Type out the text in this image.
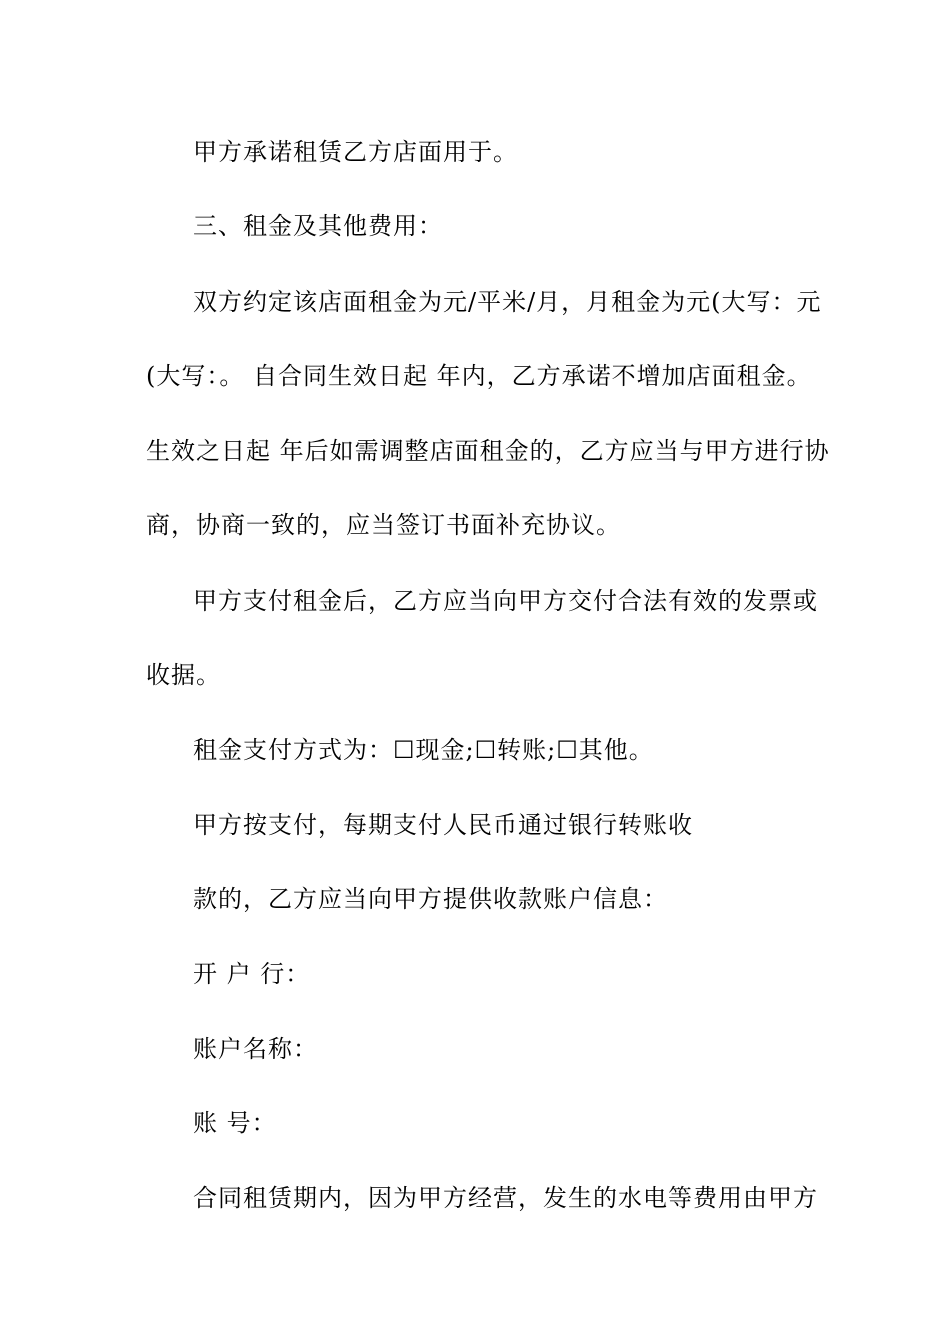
甲方承诺租赁乙方店面用于。
三、租金及其他费用：
双方约定该店面租金为元/平米/月，月租金为元(大写：元
(大写：。 自合同生效日起 年内，乙方承诺不增加店面租金。
生效之日起 年后如需调整店面租金的，乙方应当与甲方进行协
商，协商一致的，应当签订书面补充协议。
甲方支付租金后，乙方应当向甲方交付合法有效的发票或
收据。
租金支付方式为：☐现金;☐转账;☐其他。
甲方按支付，每期支付人民币通过银行转账收
款的，乙方应当向甲方提供收款账户信息：
开 户 行：
账户名称：
账 号：
合同租赁期内，因为甲方经营，发生的水电等费用由甲方
